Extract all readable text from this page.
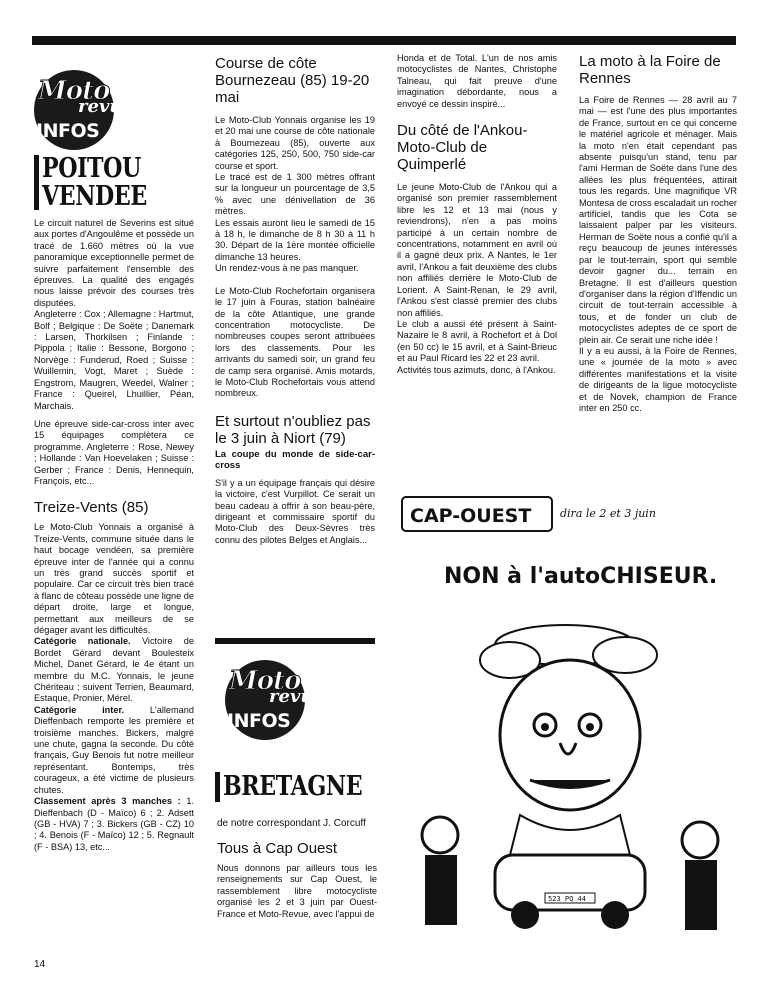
Moto
revue
INFOS
POITOU
VENDEE

Le circuit naturel de Severins est situé aux portes d'Angoulême et possède un tracé de 1.660 mètres où la vue panoramique exceptionnelle permet de suivre parfaitement l'ensemble des épreuves. La qualité des engagés nous laisse prévoir des courses très disputées.

Angleterre : Cox ; Allemagne : Hartmut, Bolf ; Belgique : De Soëte ; Danemark : Larsen, Thorkilsen ; Finlande : Pippola ; Italie : Bessone, Borgono ; Norvège : Funderud, Roed ; Suisse : Wuillemin, Vogt, Maret ; Suède : Engstrom, Maugren, Weedel, Walner ; France : Queirel, Lhuillier, Péan, Marchais.

Une épreuve side-car-cross inter avec 15 équipages complètera ce programme. Angleterre : Rose, Newey ; Hollande : Van Hoevelaken ; Suisse : Gerber ; France : Denis, Hennequin, François, etc...

Treize-Vents (85)

Le Moto-Club Yonnais a organisé à Treize-Vents, commune située dans le haut bocage vendéen, sa première épreuve inter de l'année qui a connu un très grand succès sportif et populaire. Car ce circuit très bien tracé à flanc de côteau possède une ligne de départ droite, large et longue, permettant aux meilleurs de se dégager avant les difficultés.

Catégorie nationale. Victoire de Bordet Gérard devant Boulesteix Michel, Danet Gérard, le 4e étant un membre du M.C. Yonnais, le jeune Chériteau ; suivent Terrien, Beaumard, Estaque, Pronier, Mérel.

Catégorie inter. L'allemand Dieffenbach remporte les première et troisième manches. Bickers, malgré une chute, gagna la seconde. Du côté français, Guy Benois fut notre meilleur représentant. Bontemps, très courageux, a été victime de plusieurs chutes.

Classement après 3 manches : 1. Dieffenbach (D - Maïco) 6 ; 2. Adsett (GB - HVA) 7 ; 3. Bickers (GB - CZ) 10 ; 4. Benois (F - Maïco) 12 ; 5. Regnault (F - BSA) 13, etc...

14
Course de côte Bournezeau (85) 19-20 mai

Le Moto-Club Yonnais organise les 19 et 20 mai une course de côte nationale à Bournezeau (85), ouverte aux catégories 125, 250, 500, 750 side-car course et sport.

Le tracé est de 1 300 mètres offrant sur la longueur un pourcentage de 3,5 % avec une dénivellation de 36 mètres.

Les essais auront lieu le samedi de 15 à 18 h, le dimanche de 8 h 30 à 11 h 30. Départ de la 1ère montée officielle dimanche 13 heures.

Un rendez-vous à ne pas manquer.

Le Moto-Club Rochefortain organisera le 17 juin à Fouras, station balnéaire de la côte Atlantique, une grande concentration motocycliste. De nombreuses coupes seront attribuées lors des classements. Pour les arrivants du samedi soir, un grand feu de camp sera organisé. Amis motards, le Moto-Club Rochefortais vous attend nombreux.

Et surtout n'oubliez pas le 3 juin à Niort (79)

La coupe du monde de side-car-cross

S'il y a un équipage français qui désire la victoire, c'est Vurpillot. Ce serait un beau cadeau à offrir à son beau-père, dirigeant et commissaire sportif du Moto-Club des Deux-Sèvres très connu des pilotes Belges et Anglais...

Moto
revue
INFOS
BRETAGNE

de notre correspondant J. Corcuff

Tous à Cap Ouest

Nous donnons par ailleurs tous les renseignements sur Cap Ouest, le rassemblement libre motocycliste organisé les 2 et 3 juin par Ouest-France et Moto-Revue, avec l'appui de

Honda et de Total. L'un de nos amis motocyclistes de Nantes, Christophe Talneau, qui fait preuve d'une imagination débordante, nous a envoyé ce dessin inspiré...

Du côté de l'Ankou-Moto-Club de Quimperlé

Le jeune Moto-Club de l'Ankou qui a organisé son premier rassemblement libre les 12 et 13 mai (nous y reviendrons), n'en a pas moins participé à un certain nombre de concentrations, notamment en avril où il a gagné deux prix. A Nantes, le 1er avril, l'Ankou a fait deuxième des clubs non affiliés derrière le Moto-Club de Lorient. A Saint-Renan, le 29 avril, l'Ankou s'est classé premier des clubs non affiliés.

Le club a aussi été présent à Saint-Nazaire le 8 avril, à Rochefort et à Dol (en 50 cc) le 15 avril, et à Saint-Brieuc et au Paul Ricard les 22 et 23 avril.

Activités tous azimuts, donc, à l'Ankou.

La moto à la Foire de Rennes

La Foire de Rennes — 28 avril au 7 mai — est l'une des plus importantes de France, surtout en ce qui concerne le matériel agricole et ménager. Mais la moto n'en était cependant pas absente puisqu'un stand, tenu par l'ami Herman de Soëte dans l'une des allées les plus fréquentées, attirait tous les regards. Une magnifique VR Montesa de cross escaladait un rocher artificiel, tandis que les Cota se laissaient palper par les visiteurs. Herman de Soëte nous a confié qu'il a reçu beaucoup de jeunes intéressés par le tout-terrain, sport qui semble devoir gagner du... terrain en Bretagne. Il est d'ailleurs question d'organiser dans la région d'Iffendic un circuit de tout-terrain accessible à tous, et de fonder un club de motocyclistes adeptes de ce sport de plein air. Ce serait une riche idée !

Il y a eu aussi, à la Foire de Rennes, une « journée de la moto » avec différentes manifestations et la visite de dirigeants de la ligue motocycliste et de Novek, champion de France inter en 250 cc.

CAP-OUEST	dira le 2 et 3 juin
NON à l'autoCHISEUR.
523 PQ 44
